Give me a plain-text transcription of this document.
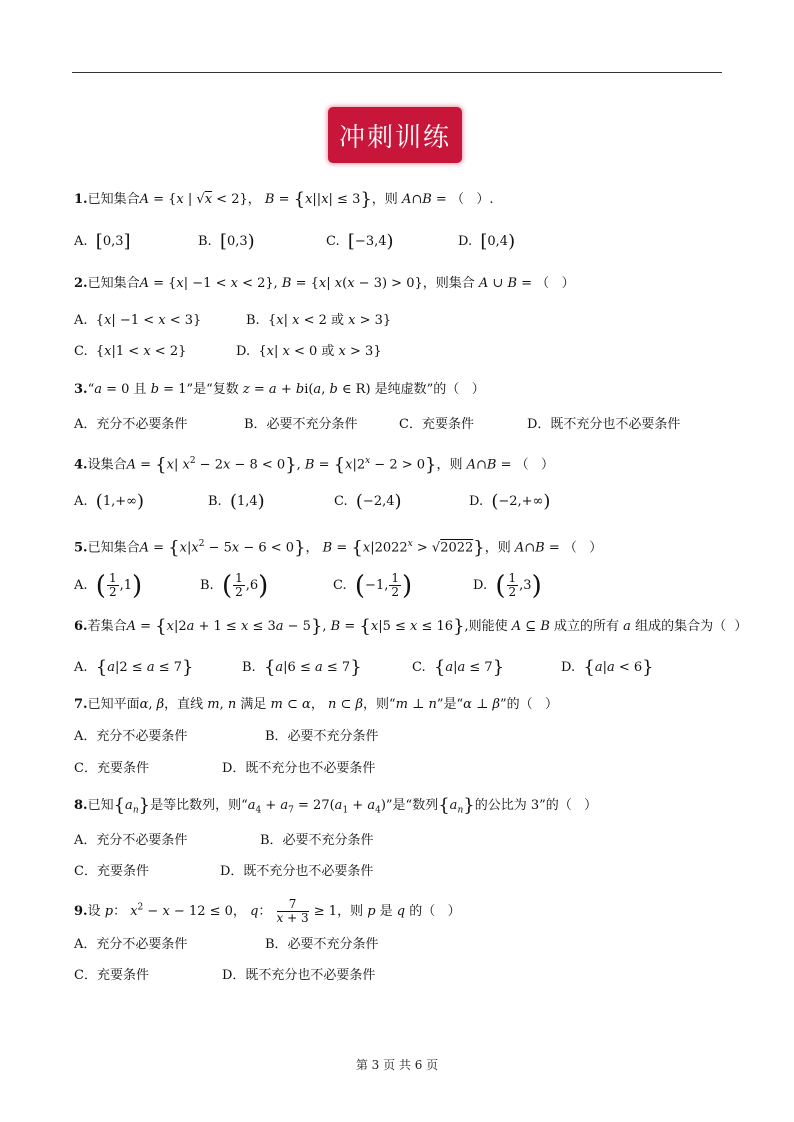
冲刺训练
1.已知集合A = {x | √x < 2}， B = {x||x| ≤ 3}，则 A∩B = （   ）.
A. [0,3]	B. [0,3)	C. [−3,4)	D. [0,4)
2.已知集合A = {x| −1 < x < 2}, B = {x| x(x − 3) > 0}，则集合 A ∪ B = （   ）
A.  {x| −1 < x < 3}	B.  {x| x < 2 或 x > 3}
C.  {x|1 < x < 2}	D.  {x| x < 0 或 x > 3}
3.“a = 0 且 b = 1”是“复数 z = a + bi(a, b ∈ R) 是纯虚数”的（   ）
A．充分不必要条件	B．必要不充分条件	C．充要条件	D．既不充分也不必要条件
4.设集合A = {x| $x^2 - 2x - 8 < 0$}, $B = \{x|2^x - 2 > 0\}$，则 A∩B = （   ）
A. (1,+∞)	B. (1,4)	C. (−2,4)	D. (−2,+∞)
5.已知集合$A = \{x|x^2 - 5x - 6 < 0\}$， $B = \{x|2022^x > √2022\}$，则 A∩B = （   ）
A. ( $\frac{1}{2} ,1$)	B. ( $\frac{1}{2} ,6$)	C. (−1, $\frac{1}{2}$ )	D. ( $\frac{1}{2} ,3$)
6.若集合A = {x|2a + 1 ≤ x ≤ 3a − 5}, B = {x|5 ≤ x ≤ 16},则能使 A ⊆ B 成立的所有 a 组成的集合为（  ）
A. {a|2 ≤ a ≤ 7}	B. {a|6 ≤ a ≤ 7}	C. {a|a ≤ 7}	D. {a|a < 6}
7.已知平面α, β，直线 m, n 满足 m ⊂ α， n ⊂ β，则“m ⊥ n”是“α ⊥ β”的（   ）
A．充分不必要条件	B．必要不充分条件
C．充要条件	D．既不充分也不必要条件
8.已知$\{a_n\}$是等比数列，则“$a_4 + a_7 = 27(a_1 + a_4)$”是“数列$\{a_n\}$的公比为 3”的（   ）
A．充分不必要条件	B．必要不充分条件
C．充要条件	D．既不充分也不必要条件
9.设 p： $x^2 - x - 12 \le 0$， q： $\frac{7}{x + 3} \ge 1$，则 p 是 q 的（   ）
A．充分不必要条件	B．必要不充分条件
C．充要条件	D．既不充分也不必要条件
第 3 页 共 6 页
